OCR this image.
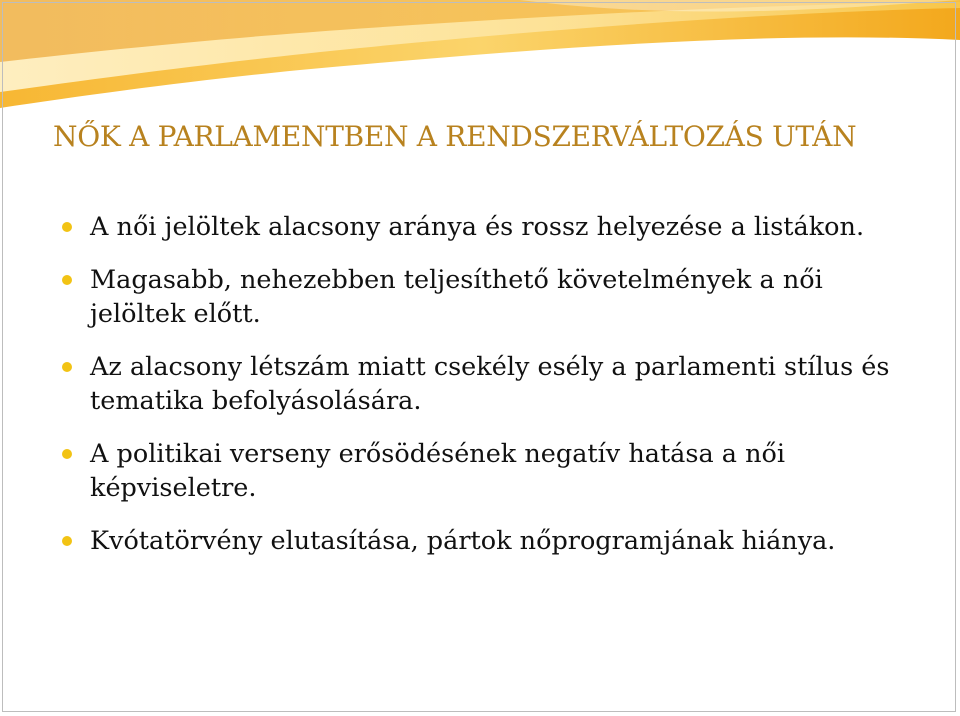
NŐK A PARLAMENTBEN A RENDSZERVÁLTOZÁS UTÁN
A női jelöltek alacsony aránya és rossz helyezése a listákon.
Magasabb, nehezebben teljesíthető követelmények a női jelöltek előtt.
Az alacsony létszám miatt csekély esély a parlamenti stílus és tematika befolyásolására.
A politikai verseny erősödésének negatív hatása a női képviseletre.
Kvótatörvény elutasítása, pártok nőprogramjának hiánya.
